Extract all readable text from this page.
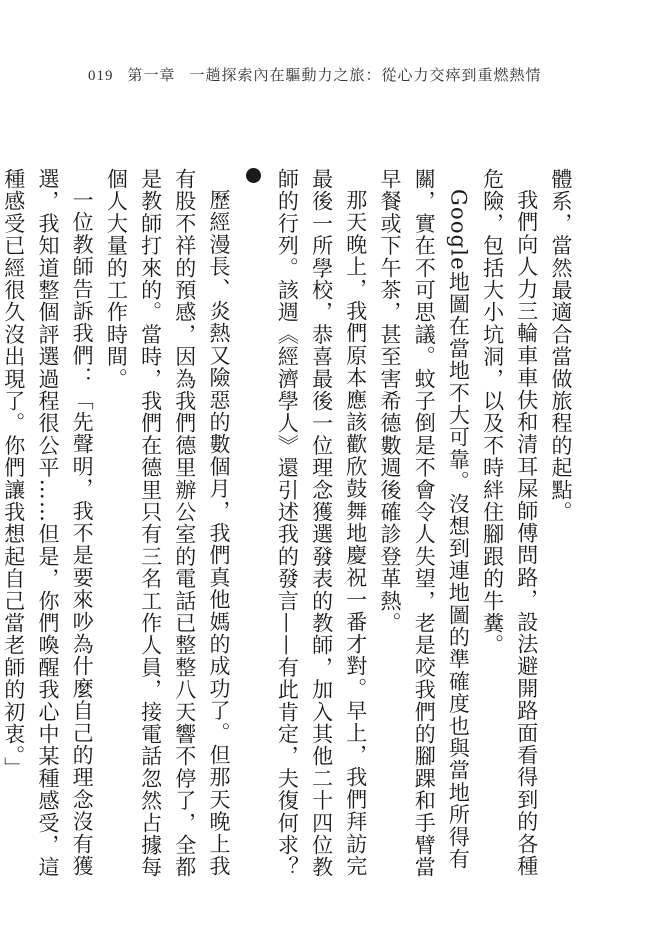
019 第一章 一趟探索內在驅動力之旅：從心力交瘁到重燃熱情

體系，當然最適合當做旅程的起點。

我們向人力三輪車車伕和清耳屎師傅問路，設法避開路面看得到的各種危險，包括大小坑洞，以及不時絆住腳跟的牛糞。

Google地圖在當地不大可靠。沒想到連地圖的準確度也與當地所得有關，實在不可思議。蚊子倒是不會令人失望，老是咬我們的腳踝和手臂當早餐或下午茶，甚至害希德數週後確診登革熱。

那天晚上，我們原本應該歡欣鼓舞地慶祝一番才對。早上，我們拜訪完最後一所學校，恭喜最後一位理念獲選發表的教師，加入其他二十四位教師的行列。該週《經濟學人》還引述我的發言——有此肯定，夫復何求？2

歷經漫長、炎熱又險惡的數個月，我們真他媽的成功了。但那天晚上我有股不祥的預感，因為我們德里辦公室的電話已整整八天響不停了，全都是教師打來的。當時，我們在德里只有三名工作人員，接電話忽然占據每個人大量的工作時間。

一位教師告訴我們：「先聲明，我不是要來吵為什麼自己的理念沒有獲選，我知道整個評選過程很公平……但是，你們喚醒我心中某種感受，這種感受已經很久沒出現了。你們讓我想起自己當老師的初衷。」
